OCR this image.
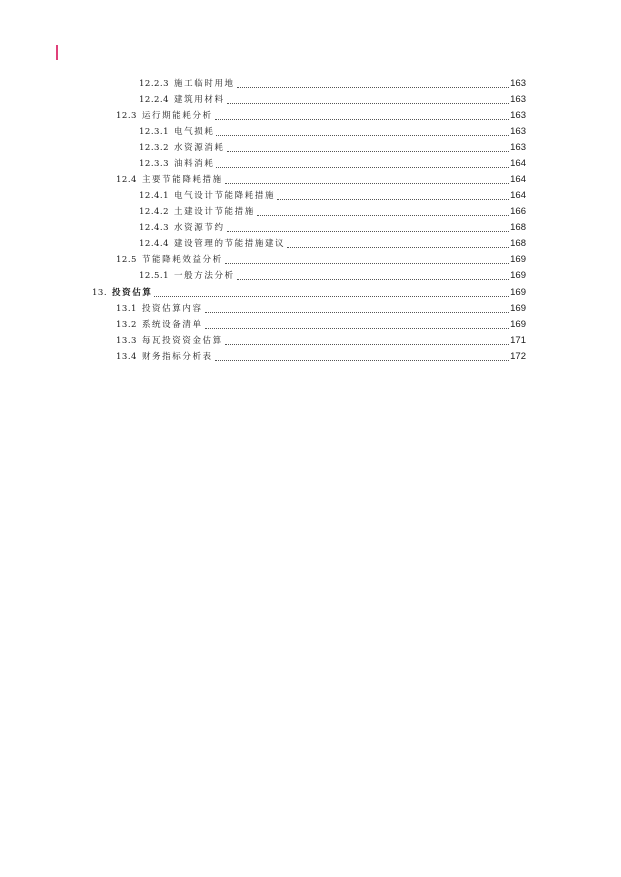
12.2.3 施工临时用地	163
12.2.4 建筑用材料	163
12.3 运行期能耗分析	163
12.3.1 电气损耗	163
12.3.2 水资源消耗	163
12.3.3 油料消耗	164
12.4 主要节能降耗措施	164
12.4.1 电气设计节能降耗措施	164
12.4.2 土建设计节能措施	166
12.4.3 水资源节约	168
12.4.4 建设管理的节能措施建议	168
12.5 节能降耗效益分析	169
12.5.1 一般方法分析	169
13. 投资估算	169
13.1 投资估算内容	169
13.2 系统设备清单	169
13.3 每瓦投资资金估算	171
13.4 财务指标分析表	172
